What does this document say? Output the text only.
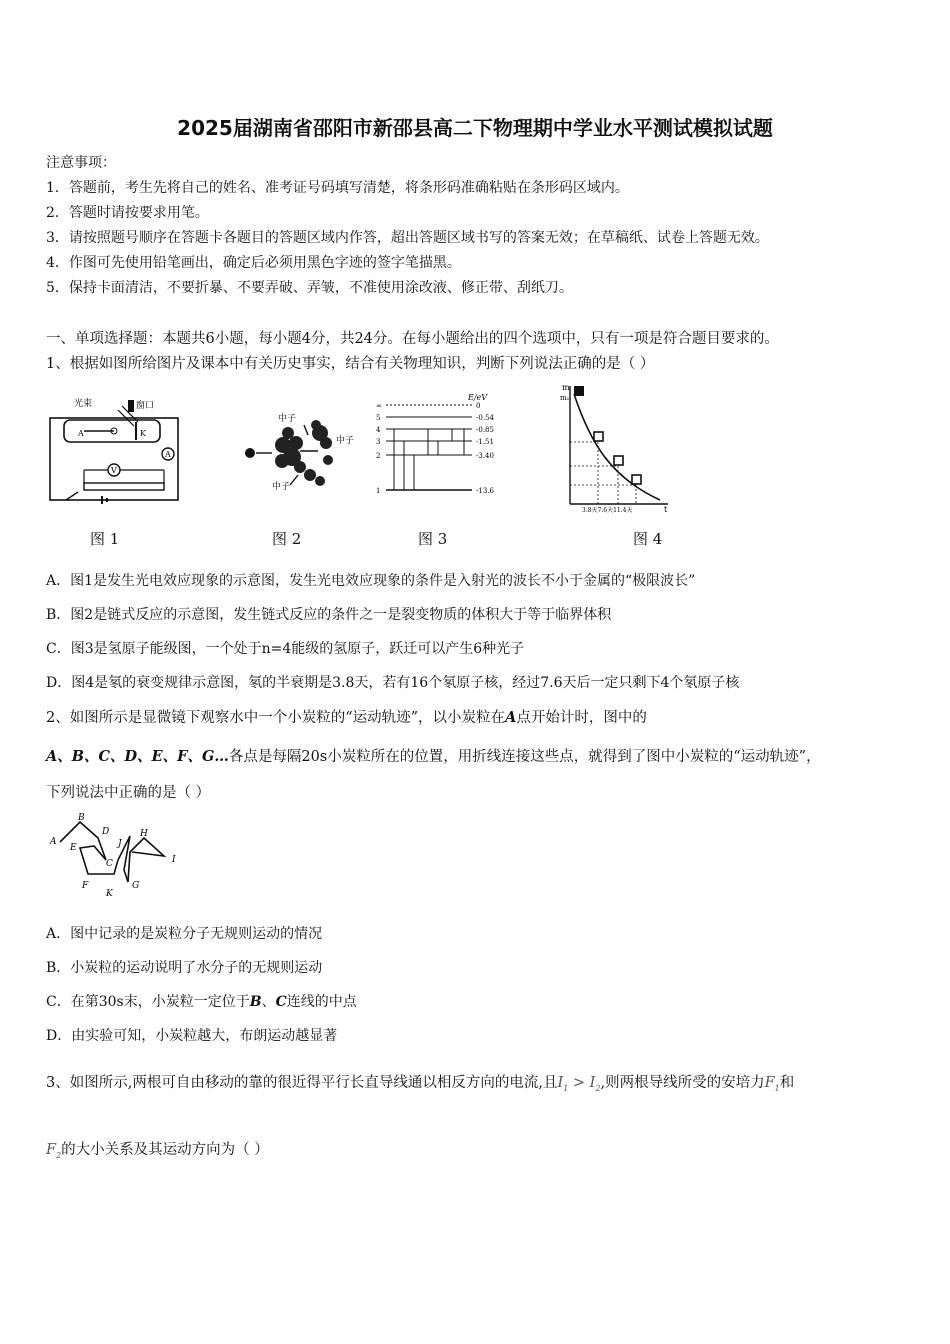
2025届湖南省邵阳市新邵县高二下物理期中学业水平测试模拟试题
注意事项：
1．答题前，考生先将自己的姓名、准考证号码填写清楚，将条形码准确粘贴在条形码区域内。
2．答题时请按要求用笔。
3．请按照题号顺序在答题卡各题目的答题区域内作答，超出答题区域书写的答案无效；在草稿纸、试卷上答题无效。
4．作图可先使用铅笔画出，确定后必须用黑色字迹的签字笔描黑。
5．保持卡面清洁，不要折暴、不要弄破、弄皱，不准使用涂改液、修正带、刮纸刀。
一、单项选择题：本题共6小题，每小题4分，共24分。在每小题给出的四个选项中，只有一项是符合题目要求的。
1、根据如图所给图片及课本中有关历史事实，结合有关物理知识，判断下列说法正确的是（ ）
光束	窗口
A	K
A
V
图 1
中子
中子
中子
图 2
E/eV
∞
5
4
3
2
1
0
-0.54
-0.85
-1.51
-3.40
-13.6
图 3
m
m₀
t
3.8天7.6天11.4天
图 4
A．图1是发生光电效应现象的示意图，发生光电效应现象的条件是入射光的波长不小于金属的“极限波长”
B．图2是链式反应的示意图，发生链式反应的条件之一是裂变物质的体积大于等于临界体积
C．图3是氢原子能级图，一个处于n=4能级的氢原子，跃迁可以产生6种光子
D．图4是氡的衰变规律示意图，氡的半衰期是3.8天，若有16个氡原子核，经过7.6天后一定只剩下4个氡原子核
2、如图所示是显微镜下观察水中一个小炭粒的“运动轨迹”，以小炭粒在A点开始计时，图中的
A、B、C、D、E、F、G…各点是每隔20s小炭粒所在的位置，用折线连接这些点，就得到了图中小炭粒的“运动轨迹”，
下列说法中正确的是（ ）
A
B
C
D
E
F	G
H
I
J
K
A．图中记录的是炭粒分子无规则运动的情况
B．小炭粒的运动说明了水分子的无规则运动
C．在第30s末，小炭粒一定位于B、C连线的中点
D．由实验可知，小炭粒越大，布朗运动越显著
3、如图所示,两根可自由移动的靠的很近得平行长直导线通以相反方向的电流,且$I_1 > I_2$,则两根导线所受的安培力$F_1$和
$F_2$的大小关系及其运动方向为（ ）
